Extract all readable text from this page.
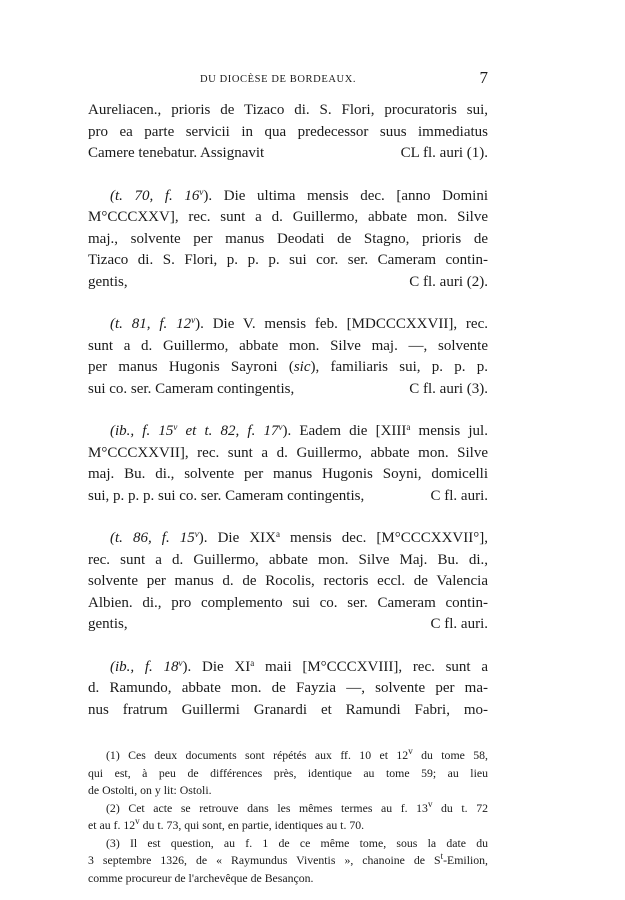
DU DIOCÈSE DE BORDEAUX.	7
Aureliacen., prioris de Tizaco di. S. Flori, procuratoris sui,
pro ea parte servicii in qua predecessor suus immediatus
Camere tenebatur. Assignavit	CL fl. auri (1).
(t. 70, f. 16$^v$). Die ultima mensis dec. [anno Domini
M°CCCXXV], rec. sunt a d. Guillermo, abbate mon. Silve
maj., solvente per manus Deodati de Stagno, prioris de
Tizaco di. S. Flori, p. p. p. sui cor. ser. Cameram contin-
gentis,	C fl. auri (2).
(t. 81, f. 12$^v$). Die V. mensis feb. [MDCCCXXVII], rec.
sunt a d. Guillermo, abbate mon. Silve maj. —, solvente
per manus Hugonis Sayroni (sic), familiaris sui, p. p. p.
sui co. ser. Cameram contingentis,	C fl. auri (3).
(ib., f. 15$^v$ et t. 82, f. 17$^v$). Eadem die [XIII$^a$ mensis jul.
M°CCCXXVII], rec. sunt a d. Guillermo, abbate mon. Silve
maj. Bu. di., solvente per manus Hugonis Soyni, domicelli
sui, p. p. p. sui co. ser. Cameram contingentis,	C fl. auri.
(t. 86, f. 15$^v$). Die XIX$^a$ mensis dec. [M°CCCXXVII°],
rec. sunt a d. Guillermo, abbate mon. Silve Maj. Bu. di.,
solvente per manus d. de Rocolis, rectoris eccl. de Valencia
Albien. di., pro complemento sui co. ser. Cameram contin-
gentis,	C fl. auri.
(ib., f. 18$^v$). Die $XI^a$ maii [M°CCCXVIII], rec. sunt a
d. Ramundo, abbate mon. de Fayzia —, solvente per ma-
nus fratrum Guillermi Granardi et Ramundi Fabri, mo-
(1) Ces deux documents sont répétés aux ff. 10 et 12$^v$ du tome 58,
qui est, à peu de différences près, identique au tome 59; au lieu
de Ostolti, on y lit: Ostoli.
(2) Cet acte se retrouve dans les mêmes termes au f. 13$^v$ du t. 72
et au f. 12$^v$ du t. 73, qui sont, en partie, identiques au t. 70.
(3) Il est question, au f. 1 de ce même tome, sous la date du
3 septembre 1326, de « Raymundus Viventis », chanoine de $S^t$-Emilion,
comme procureur de l'archevêque de Besançon.
